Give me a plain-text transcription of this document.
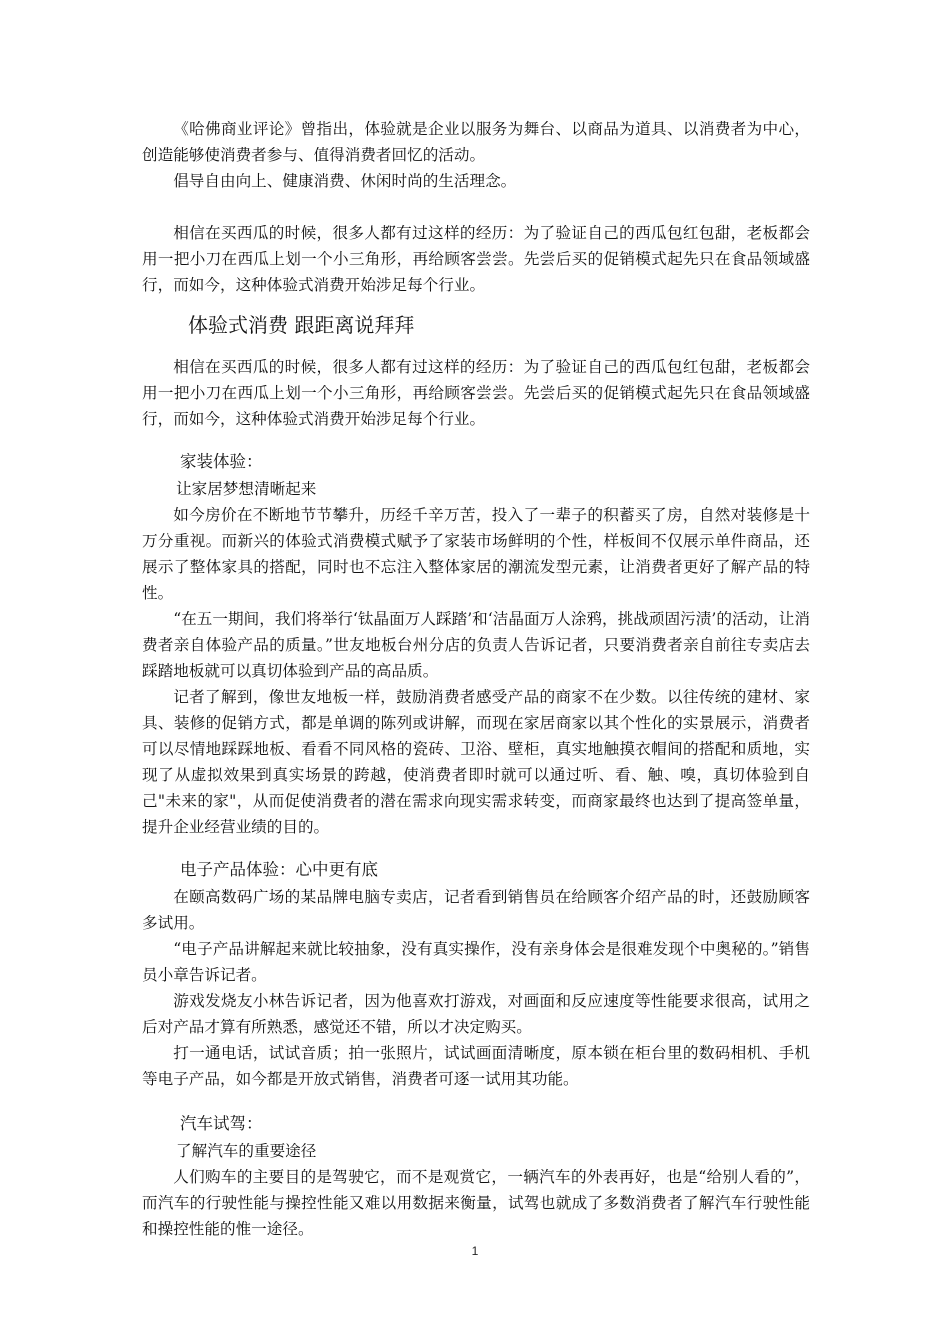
《哈佛商业评论》曾指出，体验就是企业以服务为舞台、以商品为道具、以消费者为中心，创造能够使消费者参与、值得消费者回忆的活动。

倡导自由向上、健康消费、休闲时尚的生活理念。

相信在买西瓜的时候，很多人都有过这样的经历：为了验证自己的西瓜包红包甜，老板都会用一把小刀在西瓜上划一个小三角形，再给顾客尝尝。先尝后买的促销模式起先只在食品领域盛行，而如今，这种体验式消费开始涉足每个行业。

体验式消费 跟距离说拜拜

相信在买西瓜的时候，很多人都有过这样的经历：为了验证自己的西瓜包红包甜，老板都会用一把小刀在西瓜上划一个小三角形，再给顾客尝尝。先尝后买的促销模式起先只在食品领域盛行，而如今，这种体验式消费开始涉足每个行业。

家装体验：

让家居梦想清晰起来

如今房价在不断地节节攀升，历经千辛万苦，投入了一辈子的积蓄买了房，自然对装修是十万分重视。而新兴的体验式消费模式赋予了家装市场鲜明的个性，样板间不仅展示单件商品，还展示了整体家具的搭配，同时也不忘注入整体家居的潮流发型元素，让消费者更好了解产品的特性。

“在五一期间，我们将举行‘钛晶面万人踩踏’和‘洁晶面万人涂鸦，挑战顽固污渍’的活动，让消费者亲自体验产品的质量。”世友地板台州分店的负责人告诉记者，只要消费者亲自前往专卖店去踩踏地板就可以真切体验到产品的高品质。

记者了解到，像世友地板一样，鼓励消费者感受产品的商家不在少数。以往传统的建材、家具、装修的促销方式，都是单调的陈列或讲解，而现在家居商家以其个性化的实景展示，消费者可以尽情地踩踩地板、看看不同风格的瓷砖、卫浴、壁柜，真实地触摸衣帽间的搭配和质地，实现了从虚拟效果到真实场景的跨越，使消费者即时就可以通过听、看、触、嗅，真切体验到自己"未来的家"，从而促使消费者的潜在需求向现实需求转变，而商家最终也达到了提高签单量，提升企业经营业绩的目的。

电子产品体验：心中更有底

在颐高数码广场的某品牌电脑专卖店，记者看到销售员在给顾客介绍产品的时，还鼓励顾客多试用。

“电子产品讲解起来就比较抽象，没有真实操作，没有亲身体会是很难发现个中奥秘的。”销售员小章告诉记者。

游戏发烧友小林告诉记者，因为他喜欢打游戏，对画面和反应速度等性能要求很高，试用之后对产品才算有所熟悉，感觉还不错，所以才决定购买。

打一通电话，试试音质；拍一张照片，试试画面清晰度，原本锁在柜台里的数码相机、手机等电子产品，如今都是开放式销售，消费者可逐一试用其功能。

汽车试驾：

了解汽车的重要途径

人们购车的主要目的是驾驶它，而不是观赏它，一辆汽车的外表再好，也是“给别人看的”，而汽车的行驶性能与操控性能又难以用数据来衡量，试驾也就成了多数消费者了解汽车行驶性能和操控性能的惟一途径。

1
